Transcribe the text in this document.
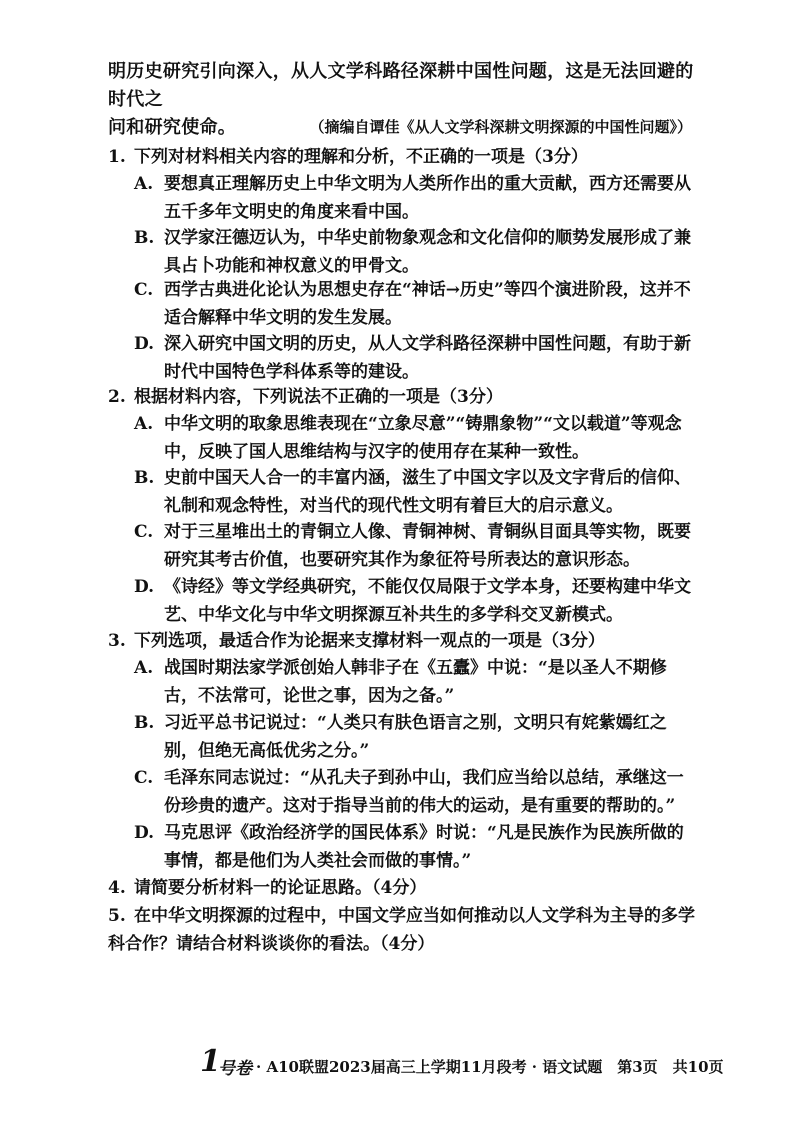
明历史研究引向深入，从人文学科路径深耕中国性问题，这是无法回避的时代之
问和研究使命。	（摘编自谭佳《从人文学科深耕文明探源的中国性问题》）
1. 下列对材料相关内容的理解和分析，不正确的一项是（3分）
A. 要想真正理解历史上中华文明为人类所作出的重大贡献，西方还需要从五千多年文明史的角度来看中国。
B. 汉学家汪德迈认为，中华史前物象观念和文化信仰的顺势发展形成了兼具占卜功能和神权意义的甲骨文。
C. 西学古典进化论认为思想史存在“神话→历史”等四个演进阶段，这并不适合解释中华文明的发生发展。
D. 深入研究中国文明的历史，从人文学科路径深耕中国性问题，有助于新时代中国特色学科体系等的建设。
2. 根据材料内容，下列说法不正确的一项是（3分）
A. 中华文明的取象思维表现在“立象尽意”“铸鼎象物”“文以载道”等观念中，反映了国人思维结构与汉字的使用存在某种一致性。
B. 史前中国天人合一的丰富内涵，滋生了中国文字以及文字背后的信仰、礼制和观念特性，对当代的现代性文明有着巨大的启示意义。
C. 对于三星堆出土的青铜立人像、青铜神树、青铜纵目面具等实物，既要研究其考古价值，也要研究其作为象征符号所表达的意识形态。
D. 《诗经》等文学经典研究，不能仅仅局限于文学本身，还要构建中华文艺、中华文化与中华文明探源互补共生的多学科交叉新模式。
3. 下列选项，最适合作为论据来支撑材料一观点的一项是（3分）
A. 战国时期法家学派创始人韩非子在《五蠹》中说：“是以圣人不期修古，不法常可，论世之事，因为之备。”
B. 习近平总书记说过：“人类只有肤色语言之别，文明只有姹紫嫣红之别，但绝无高低优劣之分。”
C. 毛泽东同志说过：“从孔夫子到孙中山，我们应当给以总结，承继这一份珍贵的遗产。这对于指导当前的伟大的运动，是有重要的帮助的。”
D. 马克思评《政治经济学的国民体系》时说：“凡是民族作为民族所做的事情，都是他们为人类社会而做的事情。”
4. 请简要分析材料一的论证思路。（4分）
5. 在中华文明探源的过程中，中国文学应当如何推动以人文学科为主导的多学科合作？请结合材料谈谈你的看法。（4分）
1
号卷 · A10联盟2023届高三上学期11月段考 · 语文试题　第3页　共10页
